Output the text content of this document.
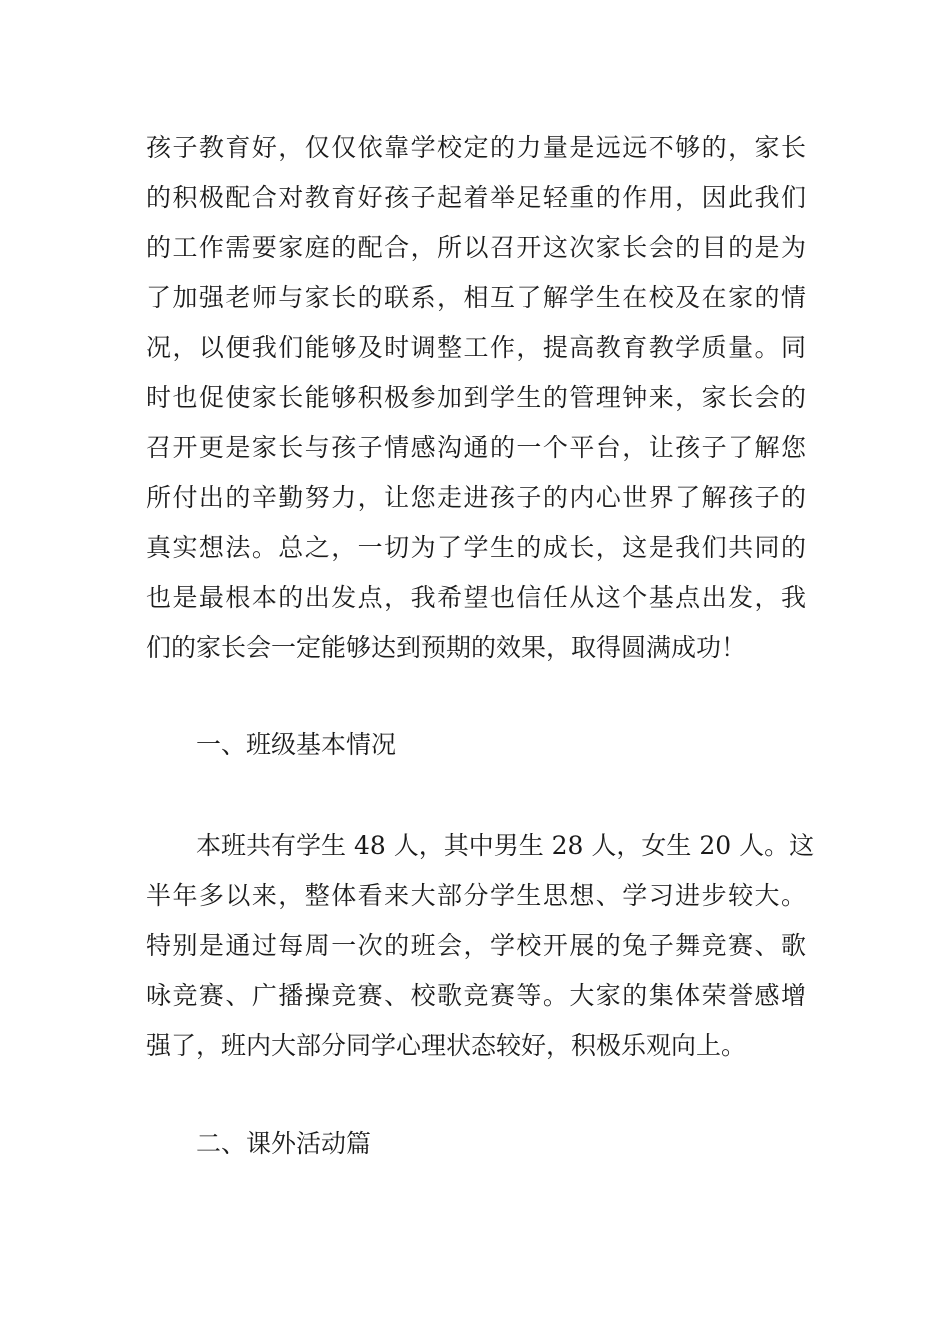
孩子教育好，仅仅依靠学校定的力量是远远不够的，家长
的积极配合对教育好孩子起着举足轻重的作用，因此我们
的工作需要家庭的配合，所以召开这次家长会的目的是为
了加强老师与家长的联系，相互了解学生在校及在家的情
况，以便我们能够及时调整工作，提高教育教学质量。同
时也促使家长能够积极参加到学生的管理钟来，家长会的
召开更是家长与孩子情感沟通的一个平台，让孩子了解您
所付出的辛勤努力，让您走进孩子的内心世界了解孩子的
真实想法。总之，一切为了学生的成长，这是我们共同的
也是最根本的出发点，我希望也信任从这个基点出发，我
们的家长会一定能够达到预期的效果，取得圆满成功！
一、班级基本情况
本班共有学生 48 人，其中男生 28 人，女生 20 人。这
半年多以来，整体看来大部分学生思想、学习进步较大。
特别是通过每周一次的班会，学校开展的兔子舞竞赛、歌
咏竞赛、广播操竞赛、校歌竞赛等。大家的集体荣誉感增
强了，班内大部分同学心理状态较好，积极乐观向上。
二、课外活动篇
